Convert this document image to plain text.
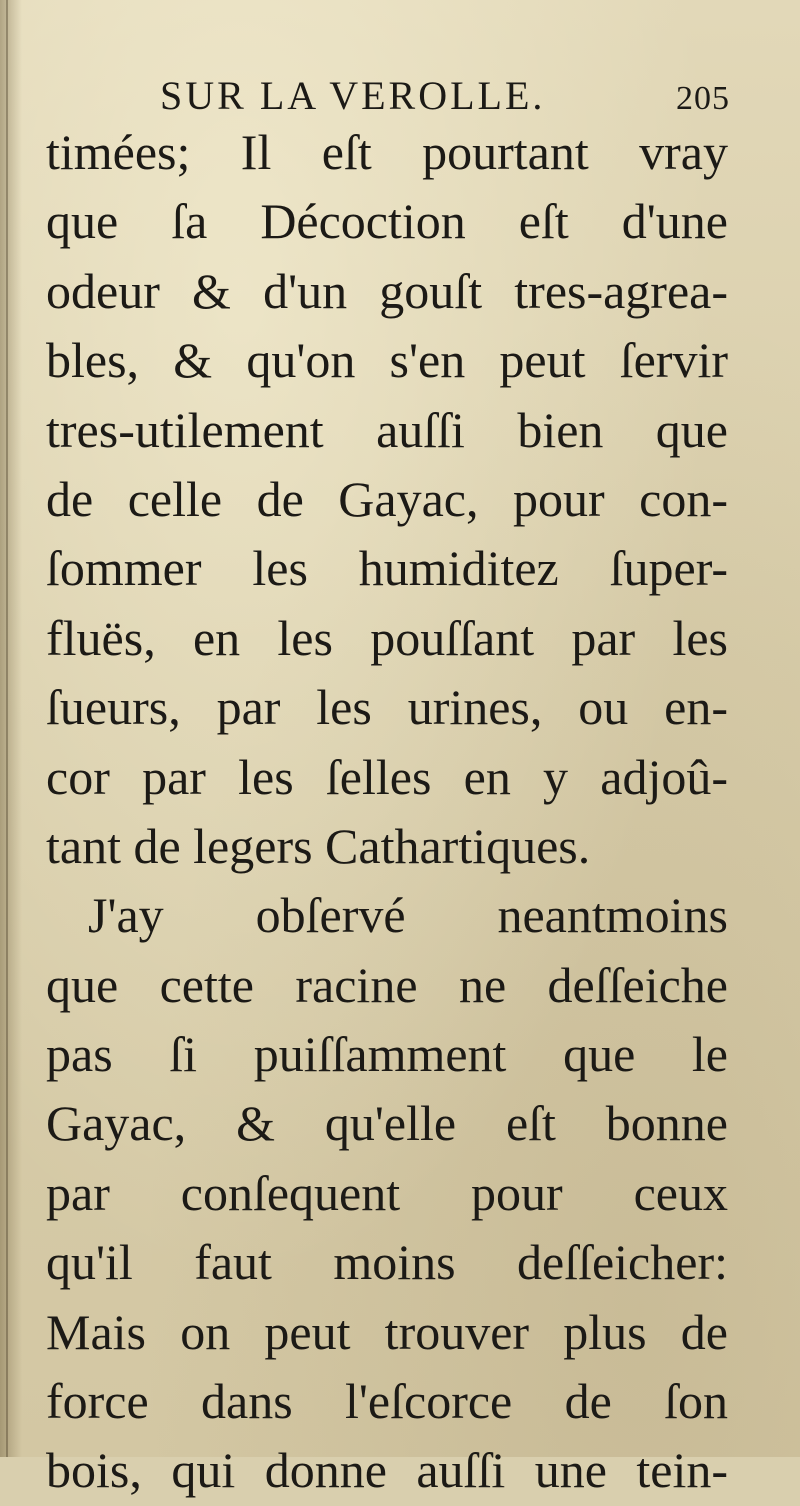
SUR LA VEROLLE.	205
timées; Il eſt pourtant vray
que ſa Décoction eſt d'une
odeur & d'un gouſt tres-agrea-
bles, & qu'on s'en peut ſervir
tres-utilement auſſi bien que
de celle de Gayac, pour con-
ſommer les humiditez ſuper-
fluës, en les pouſſant par les
ſueurs, par les urines, ou en-
cor par les ſelles en y adjoû-
tant de legers Cathartiques.
J'ay obſervé neantmoins
que cette racine ne deſſeiche
pas ſi puiſſamment que le
Gayac, & qu'elle eſt bonne
par conſequent pour ceux
qu'il faut moins deſſeicher:
Mais on peut trouver plus de
force dans l'eſcorce de ſon
bois, qui donne auſſi une tein-
